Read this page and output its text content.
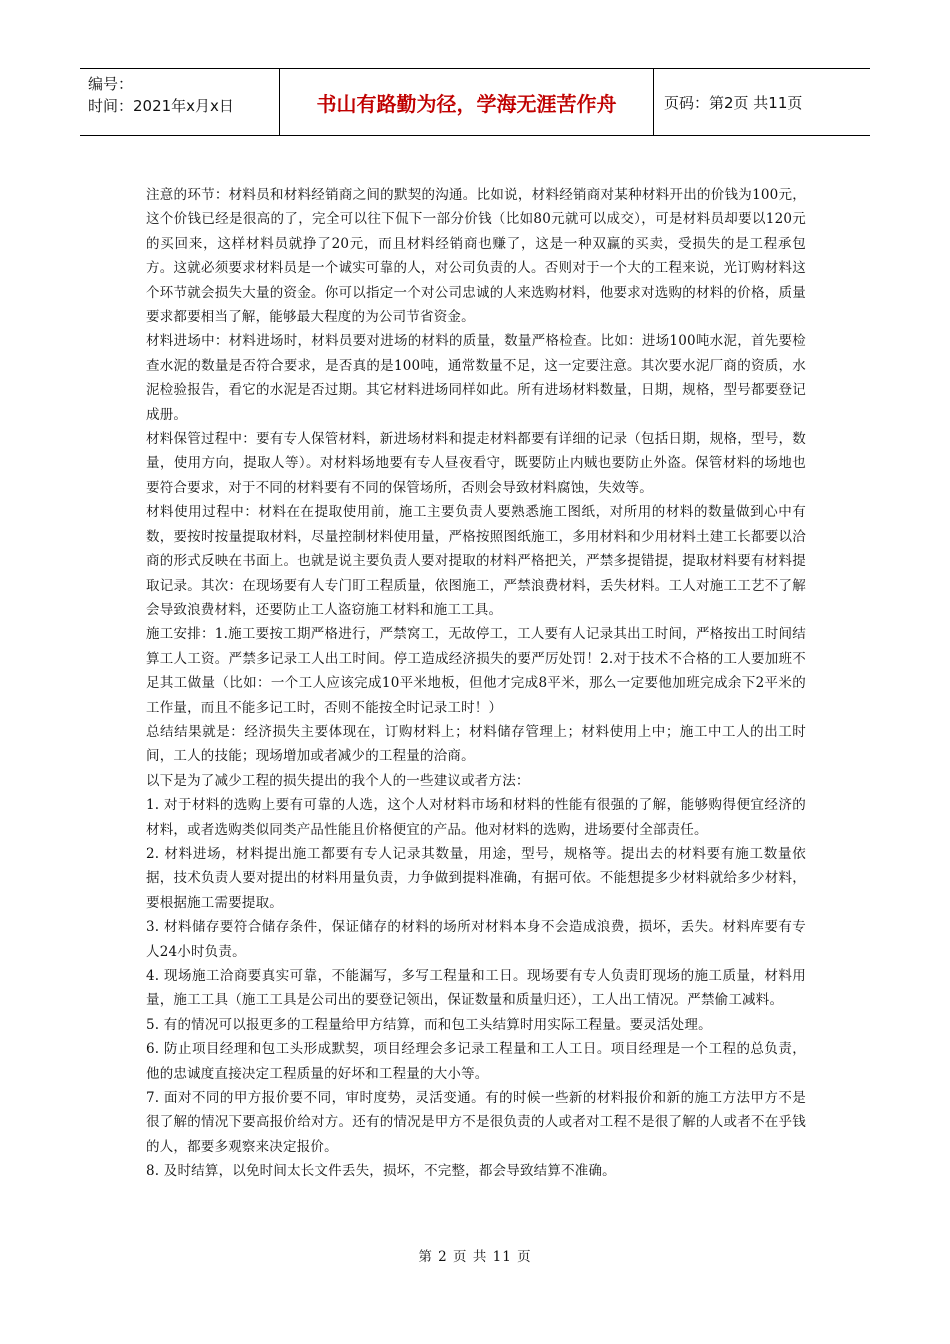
编号：
时间：2021年x月x日	书山有路勤为径，学海无涯苦作舟	页码：第2页 共11页

注意的环节：材料员和材料经销商之间的默契的沟通。比如说，材料经销商对某种材料开出的价钱为100元，这个价钱已经是很高的了，完全可以往下侃下一部分价钱（比如80元就可以成交），可是材料员却要以120元的买回来，这样材料员就挣了20元，而且材料经销商也赚了，这是一种双赢的买卖，受损失的是工程承包方。这就必须要求材料员是一个诚实可靠的人，对公司负责的人。否则对于一个大的工程来说，光订购材料这个环节就会损失大量的资金。你可以指定一个对公司忠诚的人来选购材料，他要求对选购的材料的价格，质量要求都要相当了解，能够最大程度的为公司节省资金。

材料进场中：材料进场时，材料员要对进场的材料的质量，数量严格检查。比如：进场100吨水泥，首先要检查水泥的数量是否符合要求，是否真的是100吨，通常数量不足，这一定要注意。其次要水泥厂商的资质，水泥检验报告，看它的水泥是否过期。其它材料进场同样如此。所有进场材料数量，日期，规格，型号都要登记成册。

材料保管过程中：要有专人保管材料，新进场材料和提走材料都要有详细的记录（包括日期，规格，型号，数量，使用方向，提取人等）。对材料场地要有专人昼夜看守，既要防止内贼也要防止外盗。保管材料的场地也要符合要求，对于不同的材料要有不同的保管场所，否则会导致材料腐蚀，失效等。

材料使用过程中：材料在在提取使用前，施工主要负责人要熟悉施工图纸，对所用的材料的数量做到心中有数，要按时按量提取材料，尽量控制材料使用量，严格按照图纸施工，多用材料和少用材料土建工长都要以洽商的形式反映在书面上。也就是说主要负责人要对提取的材料严格把关，严禁多提错提，提取材料要有材料提取记录。其次：在现场要有人专门盯工程质量，依图施工，严禁浪费材料，丢失材料。工人对施工工艺不了解会导致浪费材料，还要防止工人盗窃施工材料和施工工具。

施工安排：1.施工要按工期严格进行，严禁窝工，无故停工，工人要有人记录其出工时间，严格按出工时间结算工人工资。严禁多记录工人出工时间。停工造成经济损失的要严厉处罚！2.对于技术不合格的工人要加班不足其工做量（比如：一个工人应该完成10平米地板，但他才完成8平米，那么一定要他加班完成余下2平米的工作量，而且不能多记工时，否则不能按全时记录工时！）

总结结果就是：经济损失主要体现在，订购材料上；材料储存管理上；材料使用上中；施工中工人的出工时间，工人的技能；现场增加或者减少的工程量的洽商。

以下是为了减少工程的损失提出的我个人的一些建议或者方法：

1. 对于材料的选购上要有可靠的人选，这个人对材料市场和材料的性能有很强的了解，能够购得便宜经济的材料，或者选购类似同类产品性能且价格便宜的产品。他对材料的选购，进场要付全部责任。

2. 材料进场，材料提出施工都要有专人记录其数量，用途，型号，规格等。提出去的材料要有施工数量依据，技术负责人要对提出的材料用量负责，力争做到提料准确，有据可依。不能想提多少材料就给多少材料，要根据施工需要提取。

3. 材料储存要符合储存条件，保证储存的材料的场所对材料本身不会造成浪费，损坏，丢失。材料库要有专人24小时负责。

4. 现场施工洽商要真实可靠，不能漏写，多写工程量和工日。现场要有专人负责盯现场的施工质量，材料用量，施工工具（施工工具是公司出的要登记领出，保证数量和质量归还），工人出工情况。严禁偷工减料。

5. 有的情况可以报更多的工程量给甲方结算，而和包工头结算时用实际工程量。要灵活处理。

6. 防止项目经理和包工头形成默契，项目经理会多记录工程量和工人工日。项目经理是一个工程的总负责，他的忠诚度直接决定工程质量的好坏和工程量的大小等。

7. 面对不同的甲方报价要不同，审时度势，灵活变通。有的时候一些新的材料报价和新的施工方法甲方不是很了解的情况下要高报价给对方。还有的情况是甲方不是很负责的人或者对工程不是很了解的人或者不在乎钱的人，都要多观察来决定报价。

8. 及时结算，以免时间太长文件丢失，损坏，不完整，都会导致结算不准确。

第 2 页 共 11 页
